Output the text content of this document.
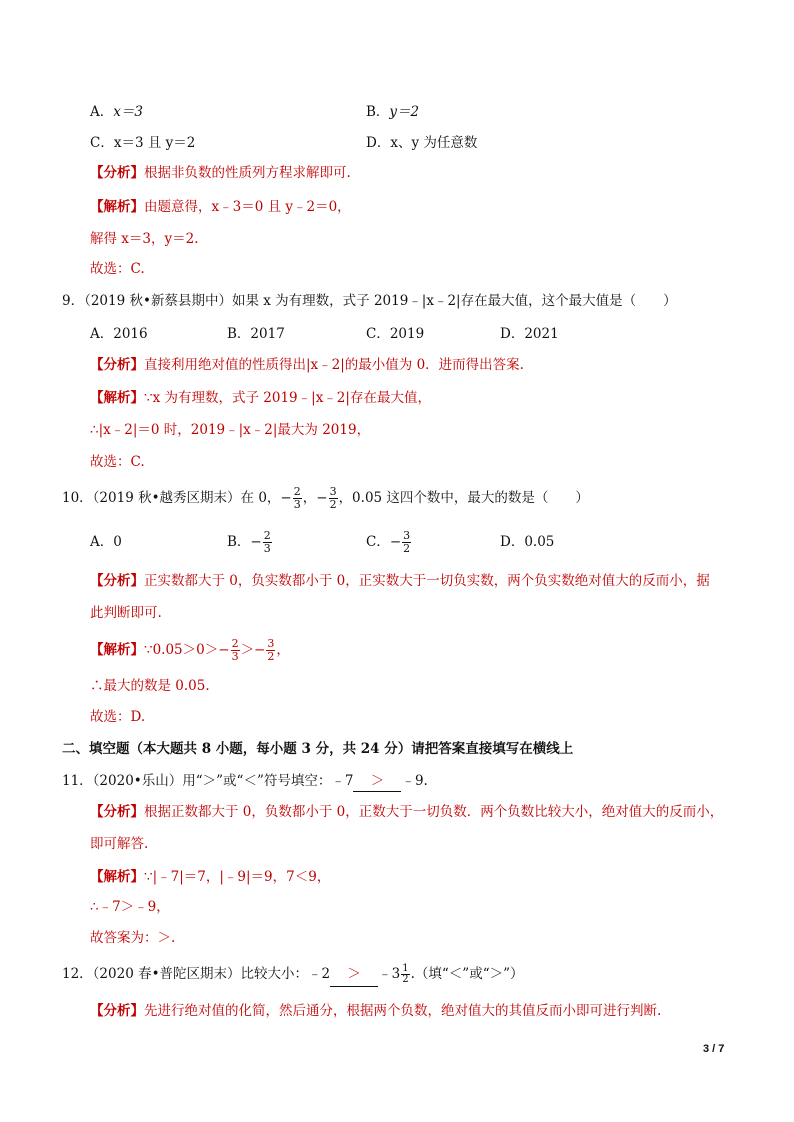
A．x＝3	B．y＝2
C．x＝3 且 y＝2	D．x、y 为任意数
【分析】根据非负数的性质列方程求解即可.
【解析】由题意得，x﹣3＝0 且 y﹣2＝0，
解得 x＝3，y＝2.
故选：C.
9．（2019 秋•新蔡县期中）如果 x 为有理数，式子 2019﹣|x﹣2|存在最大值，这个最大值是（　　）
A．2016	B．2017	C．2019	D．2021
【分析】直接利用绝对值的性质得出|x﹣2|的最小值为 0．进而得出答案.
【解析】∵x 为有理数，式子 2019﹣|x﹣2|存在最大值，
∴|x﹣2|＝0 时，2019﹣|x﹣2|最大为 2019，
故选：C.
10．（2019 秋•越秀区期末）在 0，− $\frac{2}{3}$ ，− $\frac{3}{2}$ ，0.05 这四个数中，最大的数是（　　）
A．0	B．− $\frac{2}{3}$	C．− $\frac{3}{2}$	D．0.05
【分析】正实数都大于 0，负实数都小于 0，正实数大于一切负实数，两个负实数绝对值大的反而小，据
此判断即可.
【解析】∵0.05＞0＞− $\frac{2}{3} >- \frac{3}{2}$ ，
∴最大的数是 0.05.
故选：D.
二、填空题（本大题共 8 小题，每小题 3 分，共 24 分）请把答案直接填写在横线上
11．（2020•乐山）用“＞”或“＜”符号填空：﹣7 ＞ ﹣9.
【分析】根据正数都大于 0，负数都小于 0，正数大于一切负数．两个负数比较大小，绝对值大的反而小，
即可解答.
【解析】∵|﹣7|＝7，|﹣9|＝9，7＜9，
∴﹣7＞﹣9，
故答案为：＞.
12．（2020 春•普陀区期末）比较大小：﹣2 ＞ ﹣3 $\frac{1}{2}$ .（填“＜”或“＞”）
【分析】先进行绝对值的化简，然后通分，根据两个负数，绝对值大的其值反而小即可进行判断.
3 / 7
